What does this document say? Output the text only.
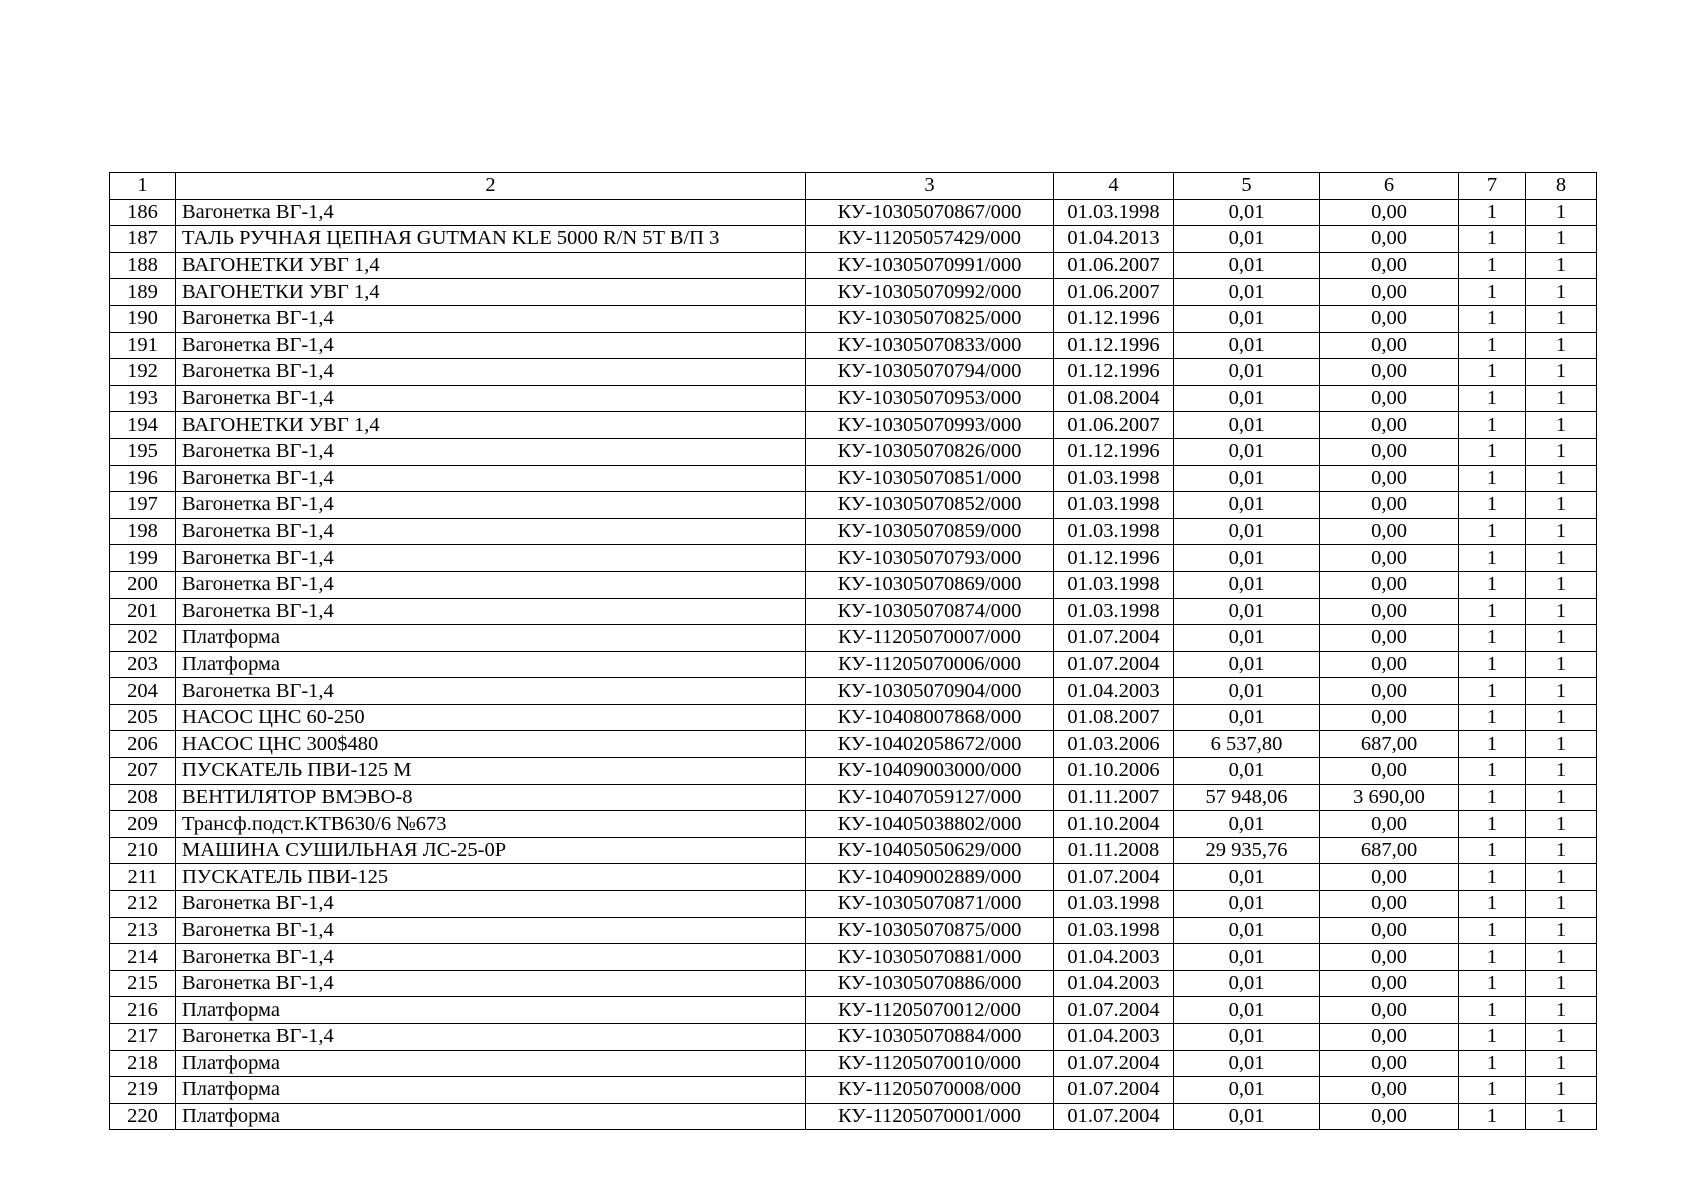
1	2	3	4	5	6	7	8
186	Вагонетка ВГ-1,4	КУ-10305070867/000	01.03.1998	0,01	0,00	1	1
187	ТАЛЬ РУЧНАЯ ЦЕПНАЯ GUTMAN KLE 5000 R/N 5T В/П 3	КУ-11205057429/000	01.04.2013	0,01	0,00	1	1
188	ВАГОНЕТКИ УВГ 1,4	КУ-10305070991/000	01.06.2007	0,01	0,00	1	1
189	ВАГОНЕТКИ УВГ 1,4	КУ-10305070992/000	01.06.2007	0,01	0,00	1	1
190	Вагонетка ВГ-1,4	КУ-10305070825/000	01.12.1996	0,01	0,00	1	1
191	Вагонетка ВГ-1,4	КУ-10305070833/000	01.12.1996	0,01	0,00	1	1
192	Вагонетка ВГ-1,4	КУ-10305070794/000	01.12.1996	0,01	0,00	1	1
193	Вагонетка ВГ-1,4	КУ-10305070953/000	01.08.2004	0,01	0,00	1	1
194	ВАГОНЕТКИ УВГ 1,4	КУ-10305070993/000	01.06.2007	0,01	0,00	1	1
195	Вагонетка ВГ-1,4	КУ-10305070826/000	01.12.1996	0,01	0,00	1	1
196	Вагонетка ВГ-1,4	КУ-10305070851/000	01.03.1998	0,01	0,00	1	1
197	Вагонетка ВГ-1,4	КУ-10305070852/000	01.03.1998	0,01	0,00	1	1
198	Вагонетка ВГ-1,4	КУ-10305070859/000	01.03.1998	0,01	0,00	1	1
199	Вагонетка ВГ-1,4	КУ-10305070793/000	01.12.1996	0,01	0,00	1	1
200	Вагонетка ВГ-1,4	КУ-10305070869/000	01.03.1998	0,01	0,00	1	1
201	Вагонетка ВГ-1,4	КУ-10305070874/000	01.03.1998	0,01	0,00	1	1
202	Платформа	КУ-11205070007/000	01.07.2004	0,01	0,00	1	1
203	Платформа	КУ-11205070006/000	01.07.2004	0,01	0,00	1	1
204	Вагонетка ВГ-1,4	КУ-10305070904/000	01.04.2003	0,01	0,00	1	1
205	НАСОС ЦНС 60-250	КУ-10408007868/000	01.08.2007	0,01	0,00	1	1
206	НАСОС ЦНС 300$480	КУ-10402058672/000	01.03.2006	6 537,80	687,00	1	1
207	ПУСКАТЕЛЬ ПВИ-125 М	КУ-10409003000/000	01.10.2006	0,01	0,00	1	1
208	ВЕНТИЛЯТОР ВМЭВО-8	КУ-10407059127/000	01.11.2007	57 948,06	3 690,00	1	1
209	Трансф.подст.КТВ630/6 №673	КУ-10405038802/000	01.10.2004	0,01	0,00	1	1
210	МАШИНА СУШИЛЬНАЯ ЛС-25-0Р	КУ-10405050629/000	01.11.2008	29 935,76	687,00	1	1
211	ПУСКАТЕЛЬ ПВИ-125	КУ-10409002889/000	01.07.2004	0,01	0,00	1	1
212	Вагонетка ВГ-1,4	КУ-10305070871/000	01.03.1998	0,01	0,00	1	1
213	Вагонетка ВГ-1,4	КУ-10305070875/000	01.03.1998	0,01	0,00	1	1
214	Вагонетка ВГ-1,4	КУ-10305070881/000	01.04.2003	0,01	0,00	1	1
215	Вагонетка ВГ-1,4	КУ-10305070886/000	01.04.2003	0,01	0,00	1	1
216	Платформа	КУ-11205070012/000	01.07.2004	0,01	0,00	1	1
217	Вагонетка ВГ-1,4	КУ-10305070884/000	01.04.2003	0,01	0,00	1	1
218	Платформа	КУ-11205070010/000	01.07.2004	0,01	0,00	1	1
219	Платформа	КУ-11205070008/000	01.07.2004	0,01	0,00	1	1
220	Платформа	КУ-11205070001/000	01.07.2004	0,01	0,00	1	1
